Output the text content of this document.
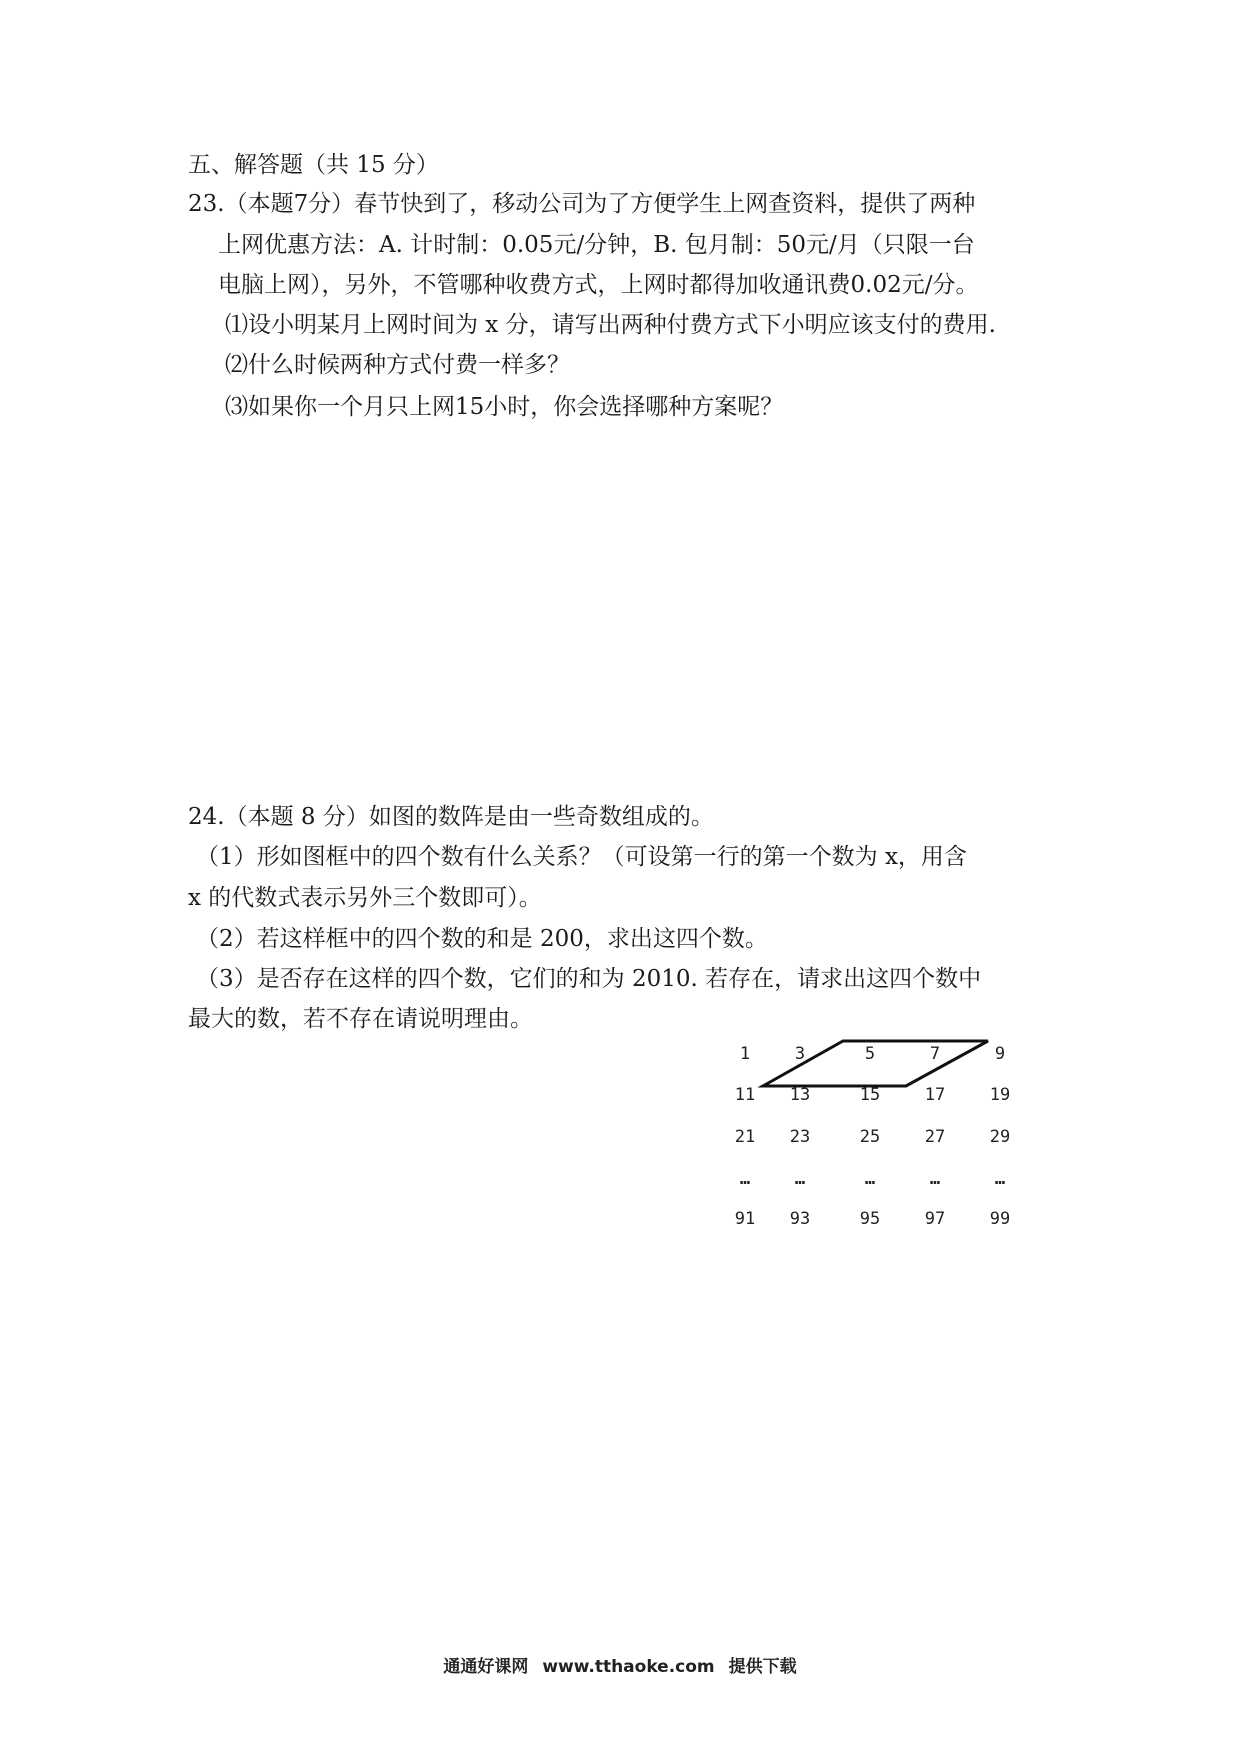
五、解答题（共 15 分）
23.（本题7分）春节快到了，移动公司为了方便学生上网查资料，提供了两种
上网优惠方法：A. 计时制：0.05元/分钟，B. 包月制：50元/月（只限一台
电脑上网），另外，不管哪种收费方式，上网时都得加收通讯费0.02元/分。
⑴设小明某月上网时间为 x 分，请写出两种付费方式下小明应该支付的费用.
⑵什么时候两种方式付费一样多？
⑶如果你一个月只上网15小时，你会选择哪种方案呢？
24.（本题 8 分）如图的数阵是由一些奇数组成的。
（1）形如图框中的四个数有什么关系？（可设第一行的第一个数为 x，用含
x 的代数式表示另外三个数即可）。
（2）若这样框中的四个数的和是 200，求出这四个数。
（3）是否存在这样的四个数，它们的和为 2010. 若存在，请求出这四个数中
最大的数，若不存在请说明理由。
1	3	5	7	9
11 13	15	17	19
21 23	25	27	29
…	…	…	…	…
91 93	95	97	99
通通好课网 www.tthaoke.com 提供下载
